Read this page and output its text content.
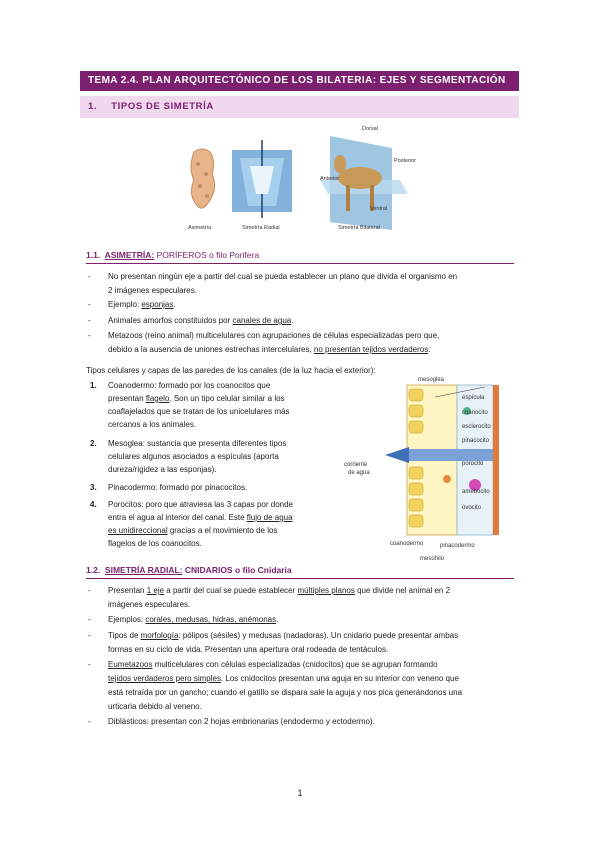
TEMA 2.4. PLAN ARQUITECTÓNICO DE LOS BILATERIA: EJES Y SEGMENTACIÓN
1. TIPOS DE SIMETRÍA
Asimetría	Simetría Radial	Simetría Bilateral
Dorsal
Anterior
Posterior
Ventral
1.1. ASIMETRÍA: PORÍFEROS o filo Porifera
- No presentan ningún eje a partir del cual se pueda establecer un plano que divida el organismo en
2 imágenes especulares.
- Ejemplo: esponjas.
- Animales amorfos constituidos por canales de agua.
- Metazoos (reino animal) multicelulares con agrupaciones de células especializadas pero que,
debido a la ausencia de uniones estrechas intercelulares, no presentan tejidos verdaderos.
Tipos celulares y capas de las paredes de los canales (de la luz hacia el exterior):
1. Coanodermo: formado por los coanocitos que
presentan flagelo. Son un tipo celular similar a los
coaflajelados que se tratan de los unicelulares más
cercanos a los animales.
2. Mesoglea: sustancia que presenta diferentes tipos
celulares algunos asociados a espículas (aporta
dureza/rigidez a las esponjas).
3. Pinacodermo: formado por pinacocitos.
4. Porocitos: poro que atraviesa las 3 capas por donde
entra el agua al interior del canal. Este flujo de agua
es unidireccional gracias a el movimiento de los
flagelos de los coanocitos.
mesoglea
espícula
coanocito
esclerocito
pinacocito
corriente
de agua
porocito
amebocito
ovocito
coanodermo	pinacodermo
mesohilo
1.2. SIMETRÍA RADIAL: CNIDARIOS o filo Cnidaria
- Presentan 1 eje a partir del cual se puede establecer múltiples planos que divide nel animal en 2
imágenes especulares.
- Ejemplos: corales, medusas, hidras, anémonas.
- Tipos de morfología: pólipos (sésiles) y medusas (nadadoras). Un cnidario puede presentar ambas
formas en su ciclo de vida. Presentan una apertura oral rodeada de tentáculos.
- Eumetazoos multicelulares con células especializadas (cnidocitos) que se agrupan formando
tejidos verdaderos pero simples. Los cnidocitos presentan una aguja en su interior con veneno que
está retraída por un gancho; cuando el gatillo se dispara sale la aguja y nos pica generándonos una
urticaria debido al veneno.
- Diblásticos: presentan con 2 hojas embrionarias (endodermo y ectodermo).
1
